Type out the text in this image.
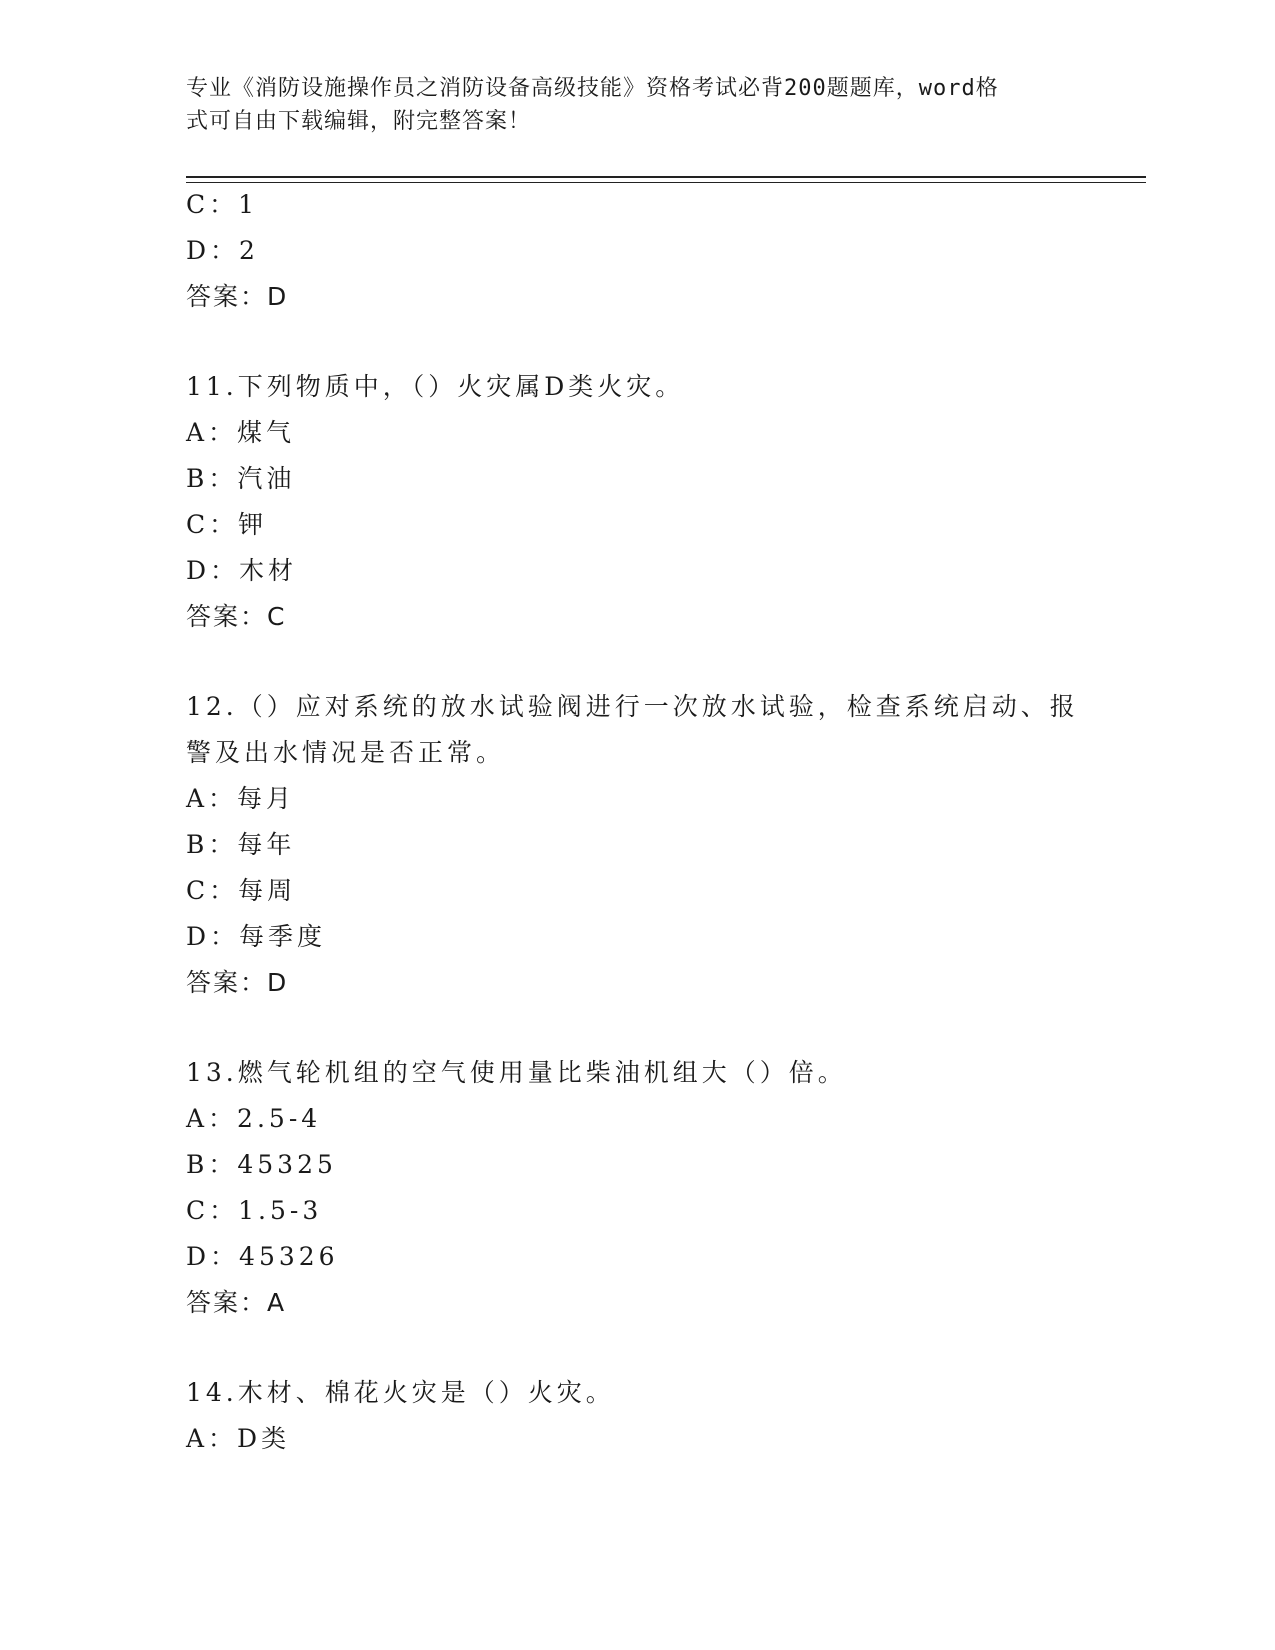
专业《消防设施操作员之消防设备高级技能》资格考试必背200题题库，word格
式可自由下载编辑，附完整答案！
C：1
D：2
答案：D
11.下列物质中，（）火灾属D类火灾。
A：煤气
B：汽油
C：钾
D：木材
答案：C
12.（）应对系统的放水试验阀进行一次放水试验，检查系统启动、报
警及出水情况是否正常。
A：每月
B：每年
C：每周
D：每季度
答案：D
13.燃气轮机组的空气使用量比柴油机组大（）倍。
A：2.5-4
B：45325
C：1.5-3
D：45326
答案：A
14.木材、棉花火灾是（）火灾。
A：D类
